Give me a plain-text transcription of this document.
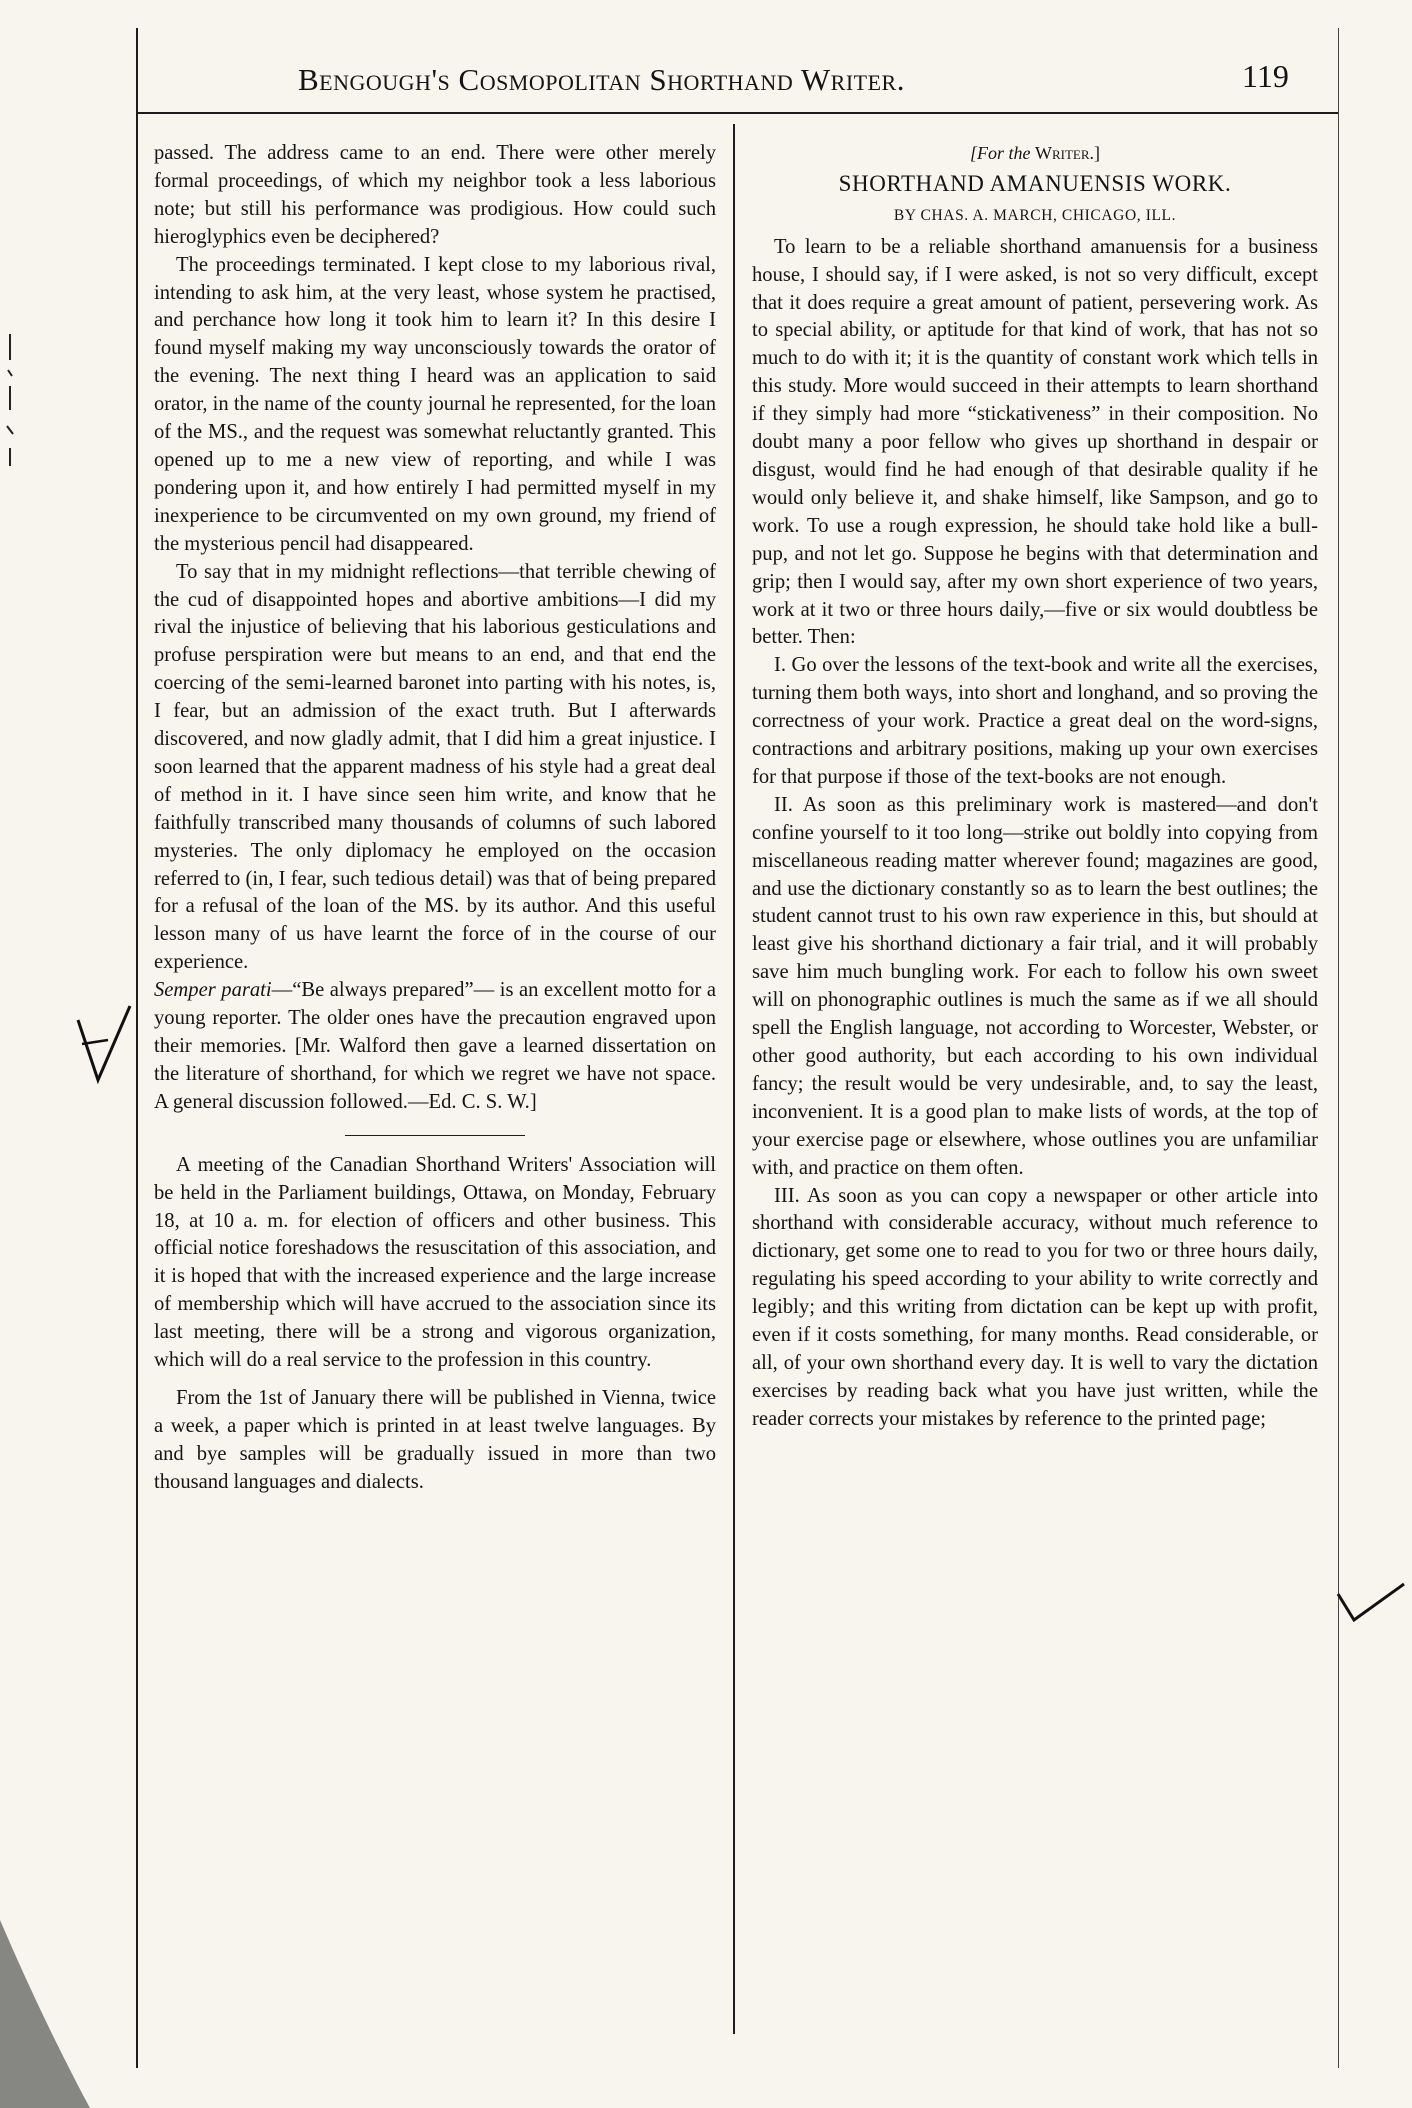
Bengough's Cosmopolitan Shorthand Writer.	119

passed. The address came to an end. There were other merely formal proceedings, of which my neighbor took a less laborious note; but still his performance was prodigious. How could such hieroglyphics even be deciphered?

The proceedings terminated. I kept close to my laborious rival, intending to ask him, at the very least, whose system he practised, and perchance how long it took him to learn it? In this desire I found myself making my way unconsciously towards the orator of the evening. The next thing I heard was an application to said orator, in the name of the county journal he represented, for the loan of the MS., and the request was somewhat reluctantly granted. This opened up to me a new view of reporting, and while I was pondering upon it, and how entirely I had permitted myself in my inexperience to be circumvented on my own ground, my friend of the mysterious pencil had disappeared.

To say that in my midnight reflections—that terrible chewing of the cud of disappointed hopes and abortive ambitions—I did my rival the injustice of believing that his laborious gesticulations and profuse perspiration were but means to an end, and that end the coercing of the semi-learned baronet into parting with his notes, is, I fear, but an admission of the exact truth. But I afterwards discovered, and now gladly admit, that I did him a great injustice. I soon learned that the apparent madness of his style had a great deal of method in it. I have since seen him write, and know that he faithfully transcribed many thousands of columns of such labored mysteries. The only diplomacy he employed on the occasion referred to (in, I fear, such tedious detail) was that of being prepared for a refusal of the loan of the MS. by its author. And this useful lesson many of us have learnt the force of in the course of our experience.

Semper parati—“Be always prepared”— is an excellent motto for a young reporter. The older ones have the precaution engraved upon their memories. [Mr. Walford then gave a learned dissertation on the literature of shorthand, for which we regret we have not space. A general discussion followed.—Ed. C. S. W.]

A meeting of the Canadian Shorthand Writers' Association will be held in the Parliament buildings, Ottawa, on Monday, February 18, at 10 a. m. for election of officers and other business. This official notice foreshadows the resuscitation of this association, and it is hoped that with the increased experience and the large increase of membership which will have accrued to the association since its last meeting, there will be a strong and vigorous organization, which will do a real service to the profession in this country.

From the 1st of January there will be published in Vienna, twice a week, a paper which is printed in at least twelve languages. By and bye samples will be gradually issued in more than two thousand languages and dialects.

[For the Writer.]

SHORTHAND AMANUENSIS WORK.

BY CHAS. A. MARCH, CHICAGO, ILL.

To learn to be a reliable shorthand amanuensis for a business house, I should say, if I were asked, is not so very difficult, except that it does require a great amount of patient, persevering work. As to special ability, or aptitude for that kind of work, that has not so much to do with it; it is the quantity of constant work which tells in this study. More would succeed in their attempts to learn shorthand if they simply had more “stickativeness” in their composition. No doubt many a poor fellow who gives up shorthand in despair or disgust, would find he had enough of that desirable quality if he would only believe it, and shake himself, like Sampson, and go to work. To use a rough expression, he should take hold like a bull-pup, and not let go. Suppose he begins with that determination and grip; then I would say, after my own short experience of two years, work at it two or three hours daily,—five or six would doubtless be better. Then:

I. Go over the lessons of the text-book and write all the exercises, turning them both ways, into short and longhand, and so proving the correctness of your work. Practice a great deal on the word-signs, contractions and arbitrary positions, making up your own exercises for that purpose if those of the text-books are not enough.

II. As soon as this preliminary work is mastered—and don't confine yourself to it too long—strike out boldly into copying from miscellaneous reading matter wherever found; magazines are good, and use the dictionary constantly so as to learn the best outlines; the student cannot trust to his own raw experience in this, but should at least give his shorthand dictionary a fair trial, and it will probably save him much bungling work. For each to follow his own sweet will on phonographic outlines is much the same as if we all should spell the English language, not according to Worcester, Webster, or other good authority, but each according to his own individual fancy; the result would be very undesirable, and, to say the least, inconvenient. It is a good plan to make lists of words, at the top of your exercise page or elsewhere, whose outlines you are unfamiliar with, and practice on them often.

III. As soon as you can copy a newspaper or other article into shorthand with considerable accuracy, without much reference to dictionary, get some one to read to you for two or three hours daily, regulating his speed according to your ability to write correctly and legibly; and this writing from dictation can be kept up with profit, even if it costs something, for many months. Read considerable, or all, of your own shorthand every day. It is well to vary the dictation exercises by reading back what you have just written, while the reader corrects your mistakes by reference to the printed page;
